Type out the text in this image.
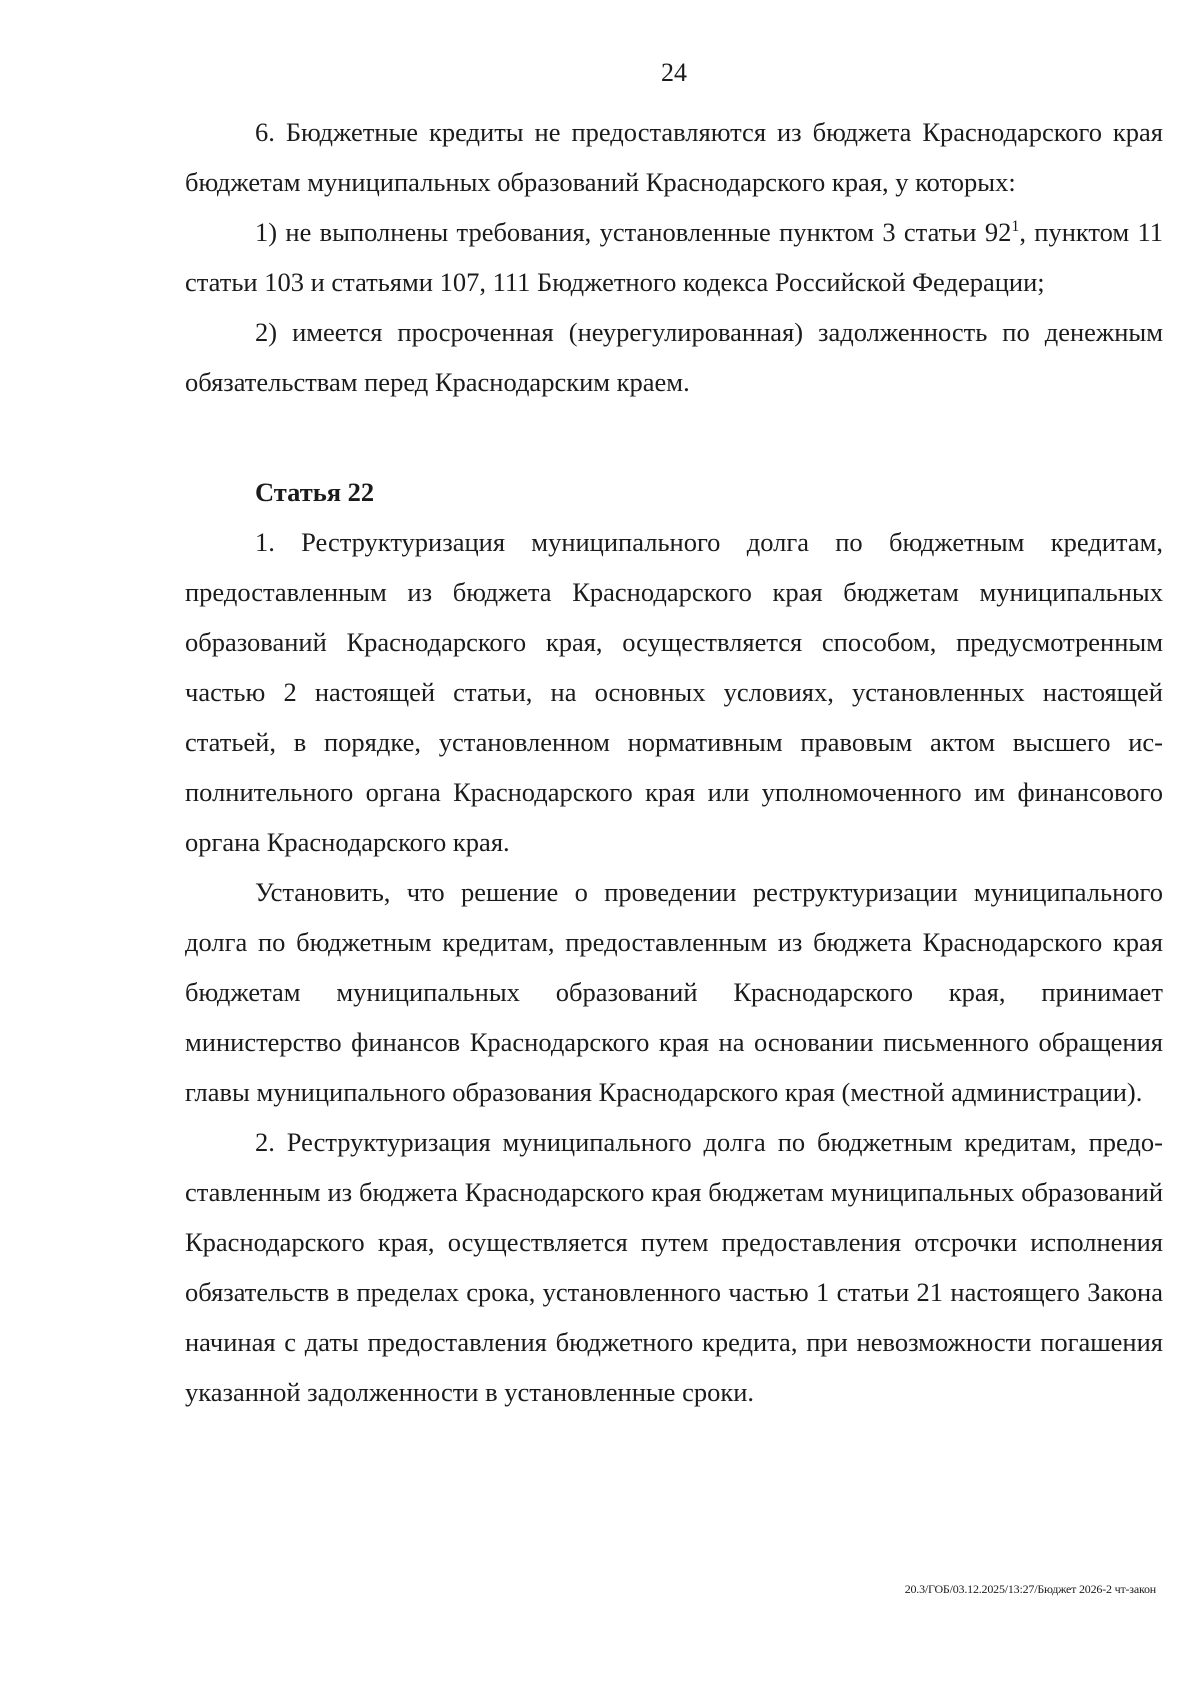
24

6. Бюджетные кредиты не предоставляются из бюджета Краснодарского края бюджетам муниципальных образований Краснодарского края, у которых:

1) не выполнены требования, установленные пунктом 3 статьи $92^1$, пунктом 11 статьи 103 и статьями 107, 111 Бюджетного кодекса Российской Федерации;

2) имеется просроченная (неурегулированная) задолженность по денежным обязательствам перед Краснодарским краем.

Статья 22

1. Реструктуризация муниципального долга по бюджетным кредитам, предоставленным из бюджета Краснодарского края бюджетам муниципальных образований Краснодарского края, осуществляется способом, предусмотренным частью 2 настоящей статьи, на основных условиях, установленных настоящей статьей, в порядке, установленном нормативным правовым актом высшего исполнительного органа Краснодарского края или уполномоченного им финансового органа Краснодарского края.

Установить, что решение о проведении реструктуризации муниципального долга по бюджетным кредитам, предоставленным из бюджета Краснодарского края бюджетам муниципальных образований Краснодарского края, принимает министерство финансов Краснодарского края на основании письменного обращения главы муниципального образования Краснодарского края (местной администрации).

2. Реструктуризация муниципального долга по бюджетным кредитам, предоставленным из бюджета Краснодарского края бюджетам муниципальных образований Краснодарского края, осуществляется путем предоставления отсрочки исполнения обязательств в пределах срока, установленного частью 1 статьи 21 настоящего Закона начиная с даты предоставления бюджетного кредита, при невозможности погашения указанной задолженности в установленные сроки.

20.3/ГОБ/03.12.2025/13:27/Бюджет 2026-2 чт-закон
